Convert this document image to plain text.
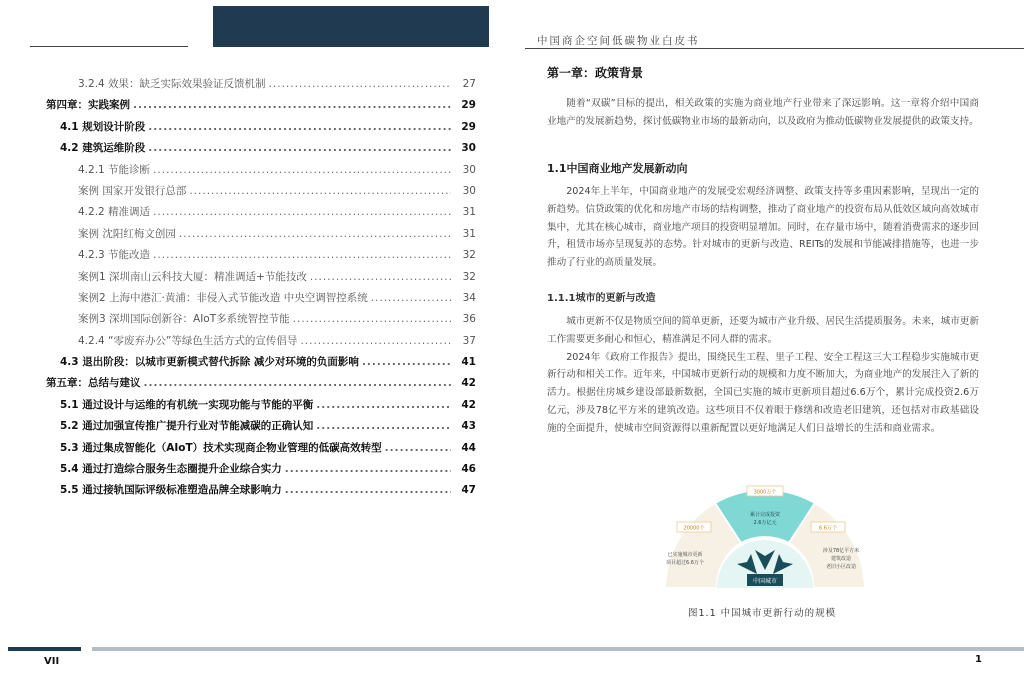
中国商企空间低碳物业白皮书
3.2.4 效果：缺乏实际效果验证反馈机制 .....	27
第四章：实践案例 .....	29
4.1 规划设计阶段 .....	29
4.2 建筑运维阶段 .....	30
4.2.1 节能诊断 .....	30
案例 国家开发银行总部 .....	30
4.2.2 精准调适 .....	31
案例 沈阳红梅文创园 .....	31
4.2.3 节能改造 .....	32
案例1 深圳南山云科技大厦：精准调适+节能技改 .....	32
案例2 上海中港汇·黄浦：非侵入式节能改造 中央空调智控系统 .....	34
案例3 深圳国际创新谷：AIoT多系统智控节能 .....	36
4.2.4 “零废弃办公”等绿色生活方式的宣传倡导 .....	37
4.3 退出阶段：以城市更新模式替代拆除 减少对环境的负面影响 .....	41
第五章：总结与建议 .....	42
5.1 通过设计与运维的有机统一实现功能与节能的平衡 .....	42
5.2 通过加强宣传推广提升行业对节能减碳的正确认知 .....	43
5.3 通过集成智能化（AIoT）技术实现商企物业管理的低碳高效转型 .....	44
5.4 通过打造综合服务生态圈提升企业综合实力 .....	46
5.5 通过接轨国际评级标准塑造品牌全球影响力 .....	47
第一章：政策背景

随着“双碳”目标的提出，相关政策的实施为商业地产行业带来了深远影响。这一章将介绍中国商业地产的发展新趋势，探讨低碳物业市场的最新动向，以及政府为推动低碳物业发展提供的政策支持。

1.1中国商业地产发展新动向

2024年上半年，中国商业地产的发展受宏观经济调整、政策支持等多重因素影响，呈现出一定的新趋势。信贷政策的优化和房地产市场的结构调整，推动了商业地产的投资布局从低效区域向高效城市集中，尤其在核心城市，商业地产项目的投资明显增加。同时，在存量市场中，随着消费需求的逐步回升，租赁市场亦呈现复苏的态势。针对城市的更新与改造、REITs的发展和节能减排措施等，也进一步推动了行业的高质量发展。

1.1.1城市的更新与改造

城市更新不仅是物质空间的简单更新，还要为城市产业升级、居民生活提质服务。未来，城市更新工作需要更多耐心和恒心，精准满足不同人群的需求。

2024年《政府工作报告》提出，围绕民生工程、里子工程、安全工程这三大工程稳步实施城市更新行动和相关工作。近年来，中国城市更新行动的规模和力度不断加大，为商业地产的发展注入了新的活力。根据住房城乡建设部最新数据，全国已实施的城市更新项目超过6.6万个，累计完成投资2.6万亿元，涉及78亿平方米的建筑改造。这些项目不仅着眼于修缮和改造老旧建筑，还包括对市政基础设施的全面提升，使城市空间资源得以重新配置以更好地满足人们日益增长的生活和商业需求。

中国城市
20000个
3000万个
6.6万个
已实施城市更新
项目超过6.6万个
累计完成投资
2.6万亿元
涉及78亿平方米
建筑改造
老旧小区改造
图1.1 中国城市更新行动的规模
VII	1
